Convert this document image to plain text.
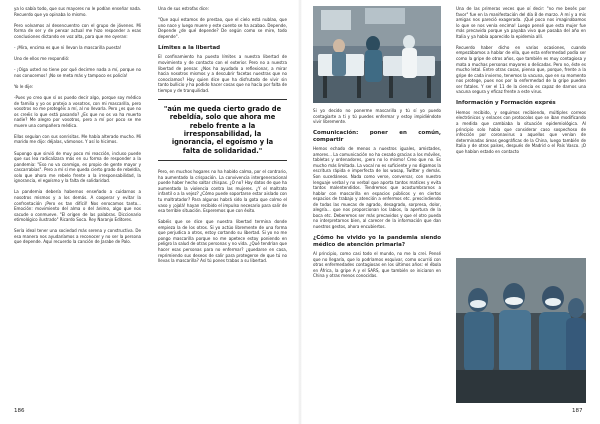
ya lo sabía todo, que sus mayores no le podían enseñar nada. Recuerdo que yo opinaba lo mismo.

Pero volvamos al desencuentro con el grupo de jóvenes. Mi forma de ser y de pensar actual me hizo responder a esas conclusiones dictando en voz alta, para que me oyeran:

- ¡Mira, encima es que ni llevan la mascarilla puesta!

Uno de ellos me respondió:

- ¡Oiga usted no tiene por qué decirme nada a mí, porque no nos conocemos! ¡No se meta más y tampoco es policía!

Yo le dije:

-Pues yo creo que sí os puedo decir algo, porque soy médico de familia y yo os protejo a vosotros, con mi mascarilla, pero vosotros no me protegéis a mí, al no llevarla. Pero ¿es que no os creéis lo que está pasando? ¿Es que no os va ha muerto nadie? Me alegro por vosotros, pero a mí por poco se me muere una compañera médica.

Ellas seguían con sus sonrisitas. Me había alterado mucho. Mi marido me dijo: déjalas, vámonos. Y así lo hicimos.

Supongo que sirvió de muy poco mi reacción, incluso puede que sus lea radicalizara más en su forma de responder a la pandemia: "Eso no va conmigo, es propio de gente mayor y cascarrabias". Pero a mí sí me queda cierto grado de rebeldía, solo que ahora me rebelo frente a la irresponsabilidad, la ignorancia, el egoísmo y la falta de solidaridad.

La pandemia debería habernos enseñado a cuidarnos a nosotros mismos y a los demás. A cooperar y evitar la confrontación ¡Pero es tan difícil! Nos enrocamos tanto... Emoción: movimiento del alma o del ánimo, algo que nos sacude o conmueve. "El origen de las palabras. Diccionario etimológico ilustrado" Ricardo Soca. Rey Naranjo Editores.

Sería ideal tener una sociedad más serena y constructiva. De esa manera nos ayudaríamos a reconocer y no ser la persona que depende. Aquí recuerdo la canción de Jarabe de Palo.

Una de sus estrofas dice:

"Que aquí estamos de prestao, que el cielo está nublao, que uno nace y luego muere y este cuento se ha acabao. Depende, Depende ¿de qué depende? De según como se mire, todo depende".

Límites a la libertad

El confinamiento ha puesto límites a nuestra libertad de movimiento y de contacto con el exterior. Pero no a nuestra libertad de pensar. ¿Nos ha ayudado a reflexionar, a mirar hacia nosotros mismos y a descubrir facetas nuestras que no conocíamos? Hay quien dice que ha disfrutado de vivir sin tanto bullicio y ha podido hacer cosas que no hacía por falta de tiempo y de tranquilidad.

"aún me queda cierto grado de rebeldía, solo que ahora me rebelo frente a la irresponsabilidad, la ignorancia, el egoísmo y la falta de solidaridad."

Pero, en muchos hogares no ha habido calma, por el contrario, ha aumentado la crispación. La convivencia intergeneracional puede haber hecho saltar chispas. ¿O no? Hay datos de que ha aumentado la violencia contra las mujeres. ¿Y el maltrato infantil o a la vejez? ¿Cómo puede soportarse estar aislado con tu maltratador? Para algunas habrá sido la gota que colmo el vaso y ¡ojalá! hayan recibido el impulso necesario para salir de esa terrible situación. Esperemos que con éxito.

Sabéis que se dice que nuestra libertad termina donde empieza la de los otros. Si yo actúo libremente de una forma que perjudica a otros, estoy cortando su libertad. Si yo no me pongo mascarilla porque no me apetece estoy poniendo en peligro la salud de otras personas y no vida. ¿Qué tendrían que hacer esas personas para no enfermar? ¿quedarse en casa, reprimiendo sus deseos de salir para protegerse de que tú no llevas la mascarilla? Así tú pones trabas a su libertad.

Si yo decido no ponerme mascarilla y tú sí yo puedo contagiarte a ti y tú puedes enfermar y estoy impidiéndote vivir libremente.

Comunicación: poner en común, compartir

Hemos echado de menos a nuestros iguales, amistades, amores... La comunicación no ha cesado gracias a los móviles, tabletas y ordenadores, ¡pero no lo mismo! Creo que no. Es mucho más limitada. La vocal no es suficiente y no digamos la escritura rápida e imperfecta de los wasap, Twitter y demás. Son sucedáneos. Nada como verse, conversar, con nuestro lenguaje verbal y no verbal que aporta tantos matices y evita tantos malentendidos. Tendremos que acostumbrarnos a hablar con mascarilla en espacios públicos y en ciertos espacios de trabajo y atención a enfermos etc. prescindiendo de todas las muecas de agrado, desagrado, sorpresa, dolor, alegría... que nos proporcionan los labios, la apertura de la boca etc. Deberemos ser más precavidos y que el otro pueda no interpretarnos bien, al carecer de la información que dan nuestros gestos, ahora encubiertos.

¿Cómo he vivido yo la pandemia siendo médico de atención primaria?

Al principio, como casi todo el mundo, no me la creí. Pensé que no llegaría, que lo podríamos esquivar, como ocurrió con otras enfermedades contagiosas en los últimos años: el ébola en África, la gripe A y el SARS, que también se iniciaron en China y otras menos conocidas.

Una de las primeras veces que oí decir: "no me besés por favor" fue en la manifestación del día 8 de marzo. A mí y a mis amigas nos pareció exagerada. ¡Qué poco nos imaginábamos lo que se nos venía encima! Luego pensé que esta mujer fue más precavida porque ya payaba vivo que pasaba del año en Italia y ya había aparecido la epidemia allí.

Recuerdo haber dicho en varias ocasiones, cuando empezábamos a hablar de ella, que esta enfermedad podía ser como la gripe de otros años, que también es muy contagiosa y mata a muchas personas mayores o delicadas. Pero no, éste es mucho letal. Entre otras cosas, pienso que, porque, frente a la gripe de cada invierno, tenemos la vacuna, que en su momento nos protege, pues nos por la enfermedad de la gripe pueden ser fatales. Y ser el 11 de la ciencia es capaz de darnos una vacuna segura y eficaz frente a este virus.

Información y Formación exprés

Hemos recibido, y seguimos recibiendo, múltiples correos electrónicos y enlaces con protocolos que se iban modificando a medida que cambiaba la situación epidemiológica. Al principio solo había que considerar caso sospechoso de infección por coronavirus a aquellos que venían de determinadas áreas geográficas de la China, luego también de Italia y de otros países, después de Madrid o el País Vasco. ¡O que habían estado en contacto

186	187
